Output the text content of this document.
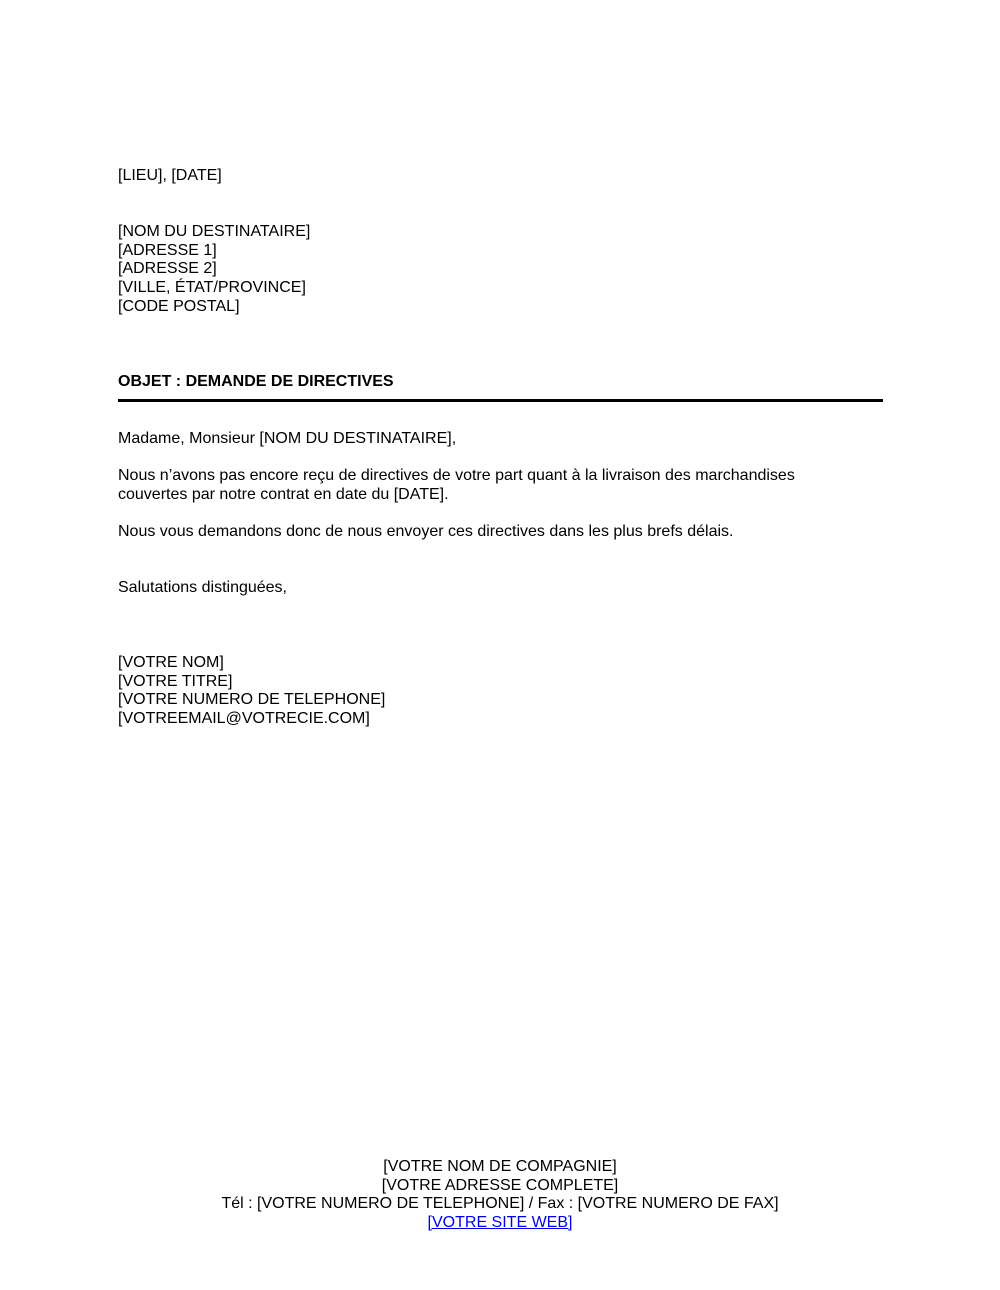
[LIEU], [DATE]
[NOM DU DESTINATAIRE]
[ADRESSE 1]
[ADRESSE 2]
[VILLE, ÉTAT/PROVINCE]
[CODE POSTAL]
OBJET : DEMANDE DE DIRECTIVES
Madame, Monsieur [NOM DU DESTINATAIRE],
Nous n’avons pas encore reçu de directives de votre part quant à la livraison des marchandises
couvertes par notre contrat en date du [DATE].
Nous vous demandons donc de nous envoyer ces directives dans les plus brefs délais.
Salutations distinguées,
[VOTRE NOM]
[VOTRE TITRE]
[VOTRE NUMERO DE TELEPHONE]
[VOTREEMAIL@VOTRECIE.COM]
[VOTRE NOM DE COMPAGNIE]
[VOTRE ADRESSE COMPLETE]
Tél : [VOTRE NUMERO DE TELEPHONE] / Fax : [VOTRE NUMERO DE FAX]
[VOTRE SITE WEB]
